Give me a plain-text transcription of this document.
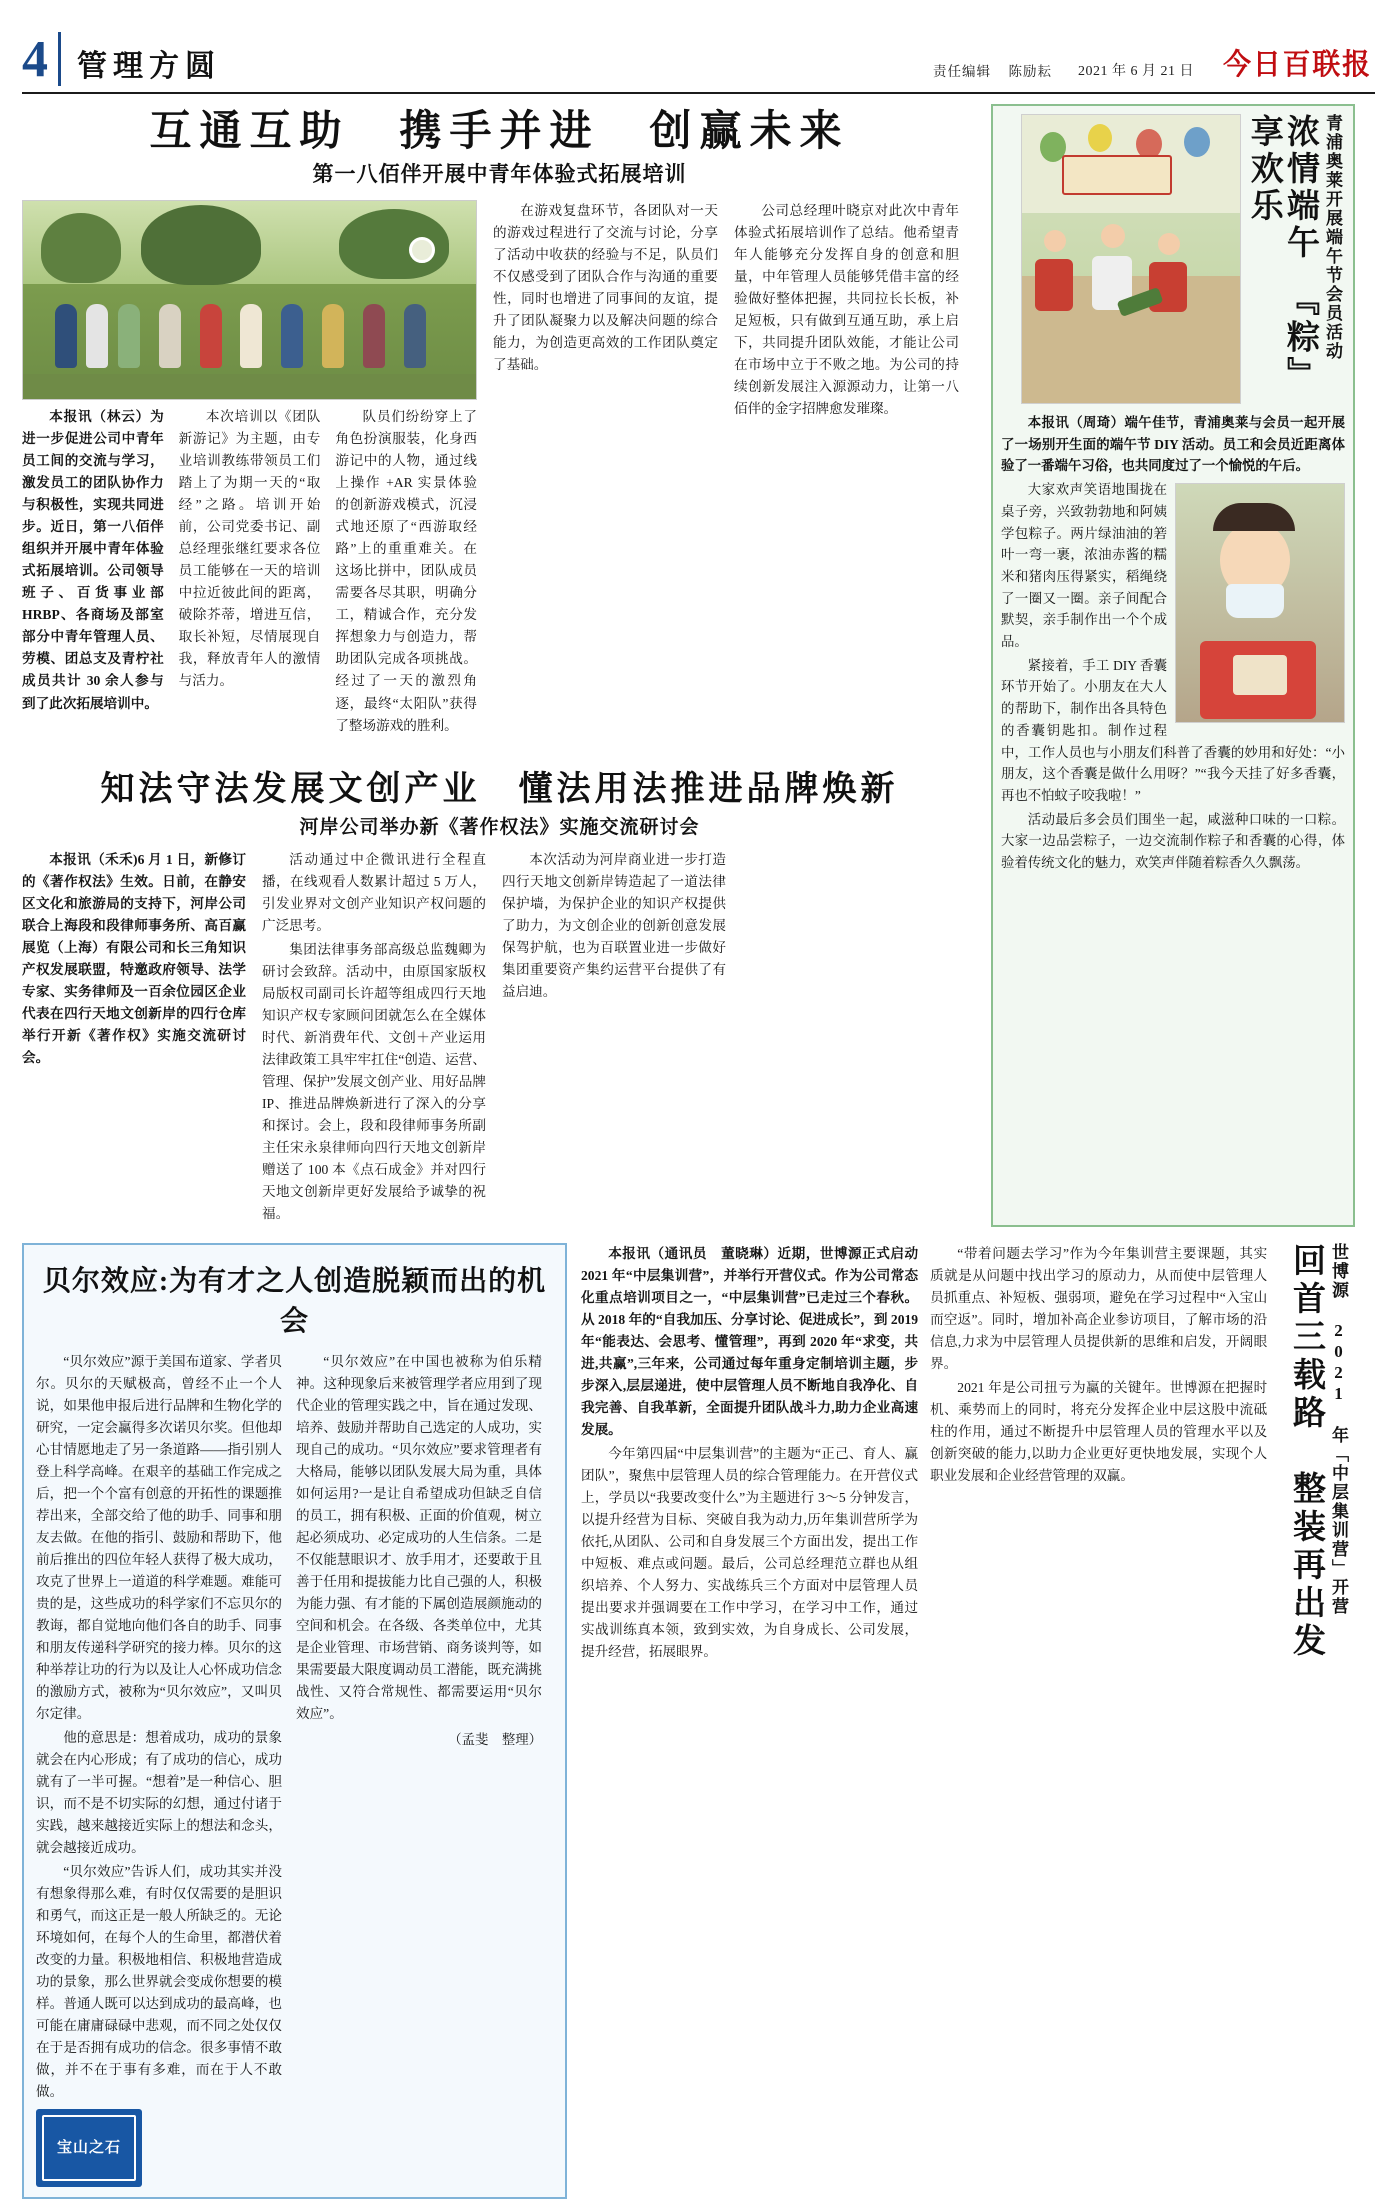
4 管理方圆	责任编辑 陈励耘 2021 年 6 月 21 日 今日百联报
互通互助　携手并进　创赢未来
第一八佰伴开展中青年体验式拓展培训

本报讯（林云）为进一步促进公司中青年员工间的交流与学习，激发员工的团队协作力与积极性，实现共同进步。近日，第一八佰伴组织并开展中青年体验式拓展培训。公司领导班子、百货事业部 HRBP、各商场及部室部分中青年管理人员、劳模、团总支及青柠社成员共计 30 余人参与到了此次拓展培训中。

本次培训以《团队新游记》为主题，由专业培训教练带领员工们踏上了为期一天的“取经”之路。培训开始前，公司党委书记、副总经理张继红要求各位员工能够在一天的培训中拉近彼此间的距离，破除芥蒂，增进互信，取长补短，尽情展现自我，释放青年人的激情与活力。

队员们纷纷穿上了角色扮演服装，化身西游记中的人物，通过线上操作 +AR 实景体验的创新游戏模式，沉浸式地还原了“西游取经路”上的重重难关。在这场比拼中，团队成员需要各尽其职，明确分工，精诚合作，充分发挥想象力与创造力，帮助团队完成各项挑战。经过了一天的激烈角逐，最终“太阳队”获得了整场游戏的胜利。

在游戏复盘环节，各团队对一天的游戏过程进行了交流与讨论，分享了活动中收获的经验与不足，队员们不仅感受到了团队合作与沟通的重要性，同时也增进了同事间的友谊，提升了团队凝聚力以及解决问题的综合能力，为创造更高效的工作团队奠定了基础。

公司总经理叶晓京对此次中青年体验式拓展培训作了总结。他希望青年人能够充分发挥自身的创意和胆量，中年管理人员能够凭借丰富的经验做好整体把握，共同拉长长板，补足短板，只有做到互通互助，承上启下，共同提升团队效能，才能让公司在市场中立于不败之地。为公司的持续创新发展注入源源动力，让第一八佰伴的金字招牌愈发璀璨。

知法守法发展文创产业　懂法用法推进品牌焕新
河岸公司举办新《著作权法》实施交流研讨会

本报讯（禾禾)6 月 1 日，新修订的《著作权法》生效。日前，在静安区文化和旅游局的支持下，河岸公司联合上海段和段律师事务所、高百赢展览（上海）有限公司和长三角知识产权发展联盟，特邀政府领导、法学专家、实务律师及一百余位园区企业代表在四行天地文创新岸的四行仓库举行开新《著作权》实施交流研讨会。

活动通过中企微讯进行全程直播，在线观看人数累计超过 5 万人，引发业界对文创产业知识产权问题的广泛思考。

集团法律事务部高级总监魏卿为研讨会致辞。活动中，由原国家版权局版权司副司长许超等组成四行天地知识产权专家顾问团就怎么在全媒体时代、新消费年代、文创＋产业运用法律政策工具牢牢扛住“创造、运营、管理、保护”发展文创产业、用好品牌 IP、推进品牌焕新进行了深入的分享和探讨。会上，段和段律师事务所副主任宋永泉律师向四行天地文创新岸赠送了 100 本《点石成金》并对四行天地文创新岸更好发展给予诚挚的祝福。

本次活动为河岸商业进一步打造四行天地文创新岸铸造起了一道法律保护墙，为保护企业的知识产权提供了助力，为文创企业的创新创意发展保驾护航，也为百联置业进一步做好集团重要资产集约运营平台提供了有益启迪。

浓情端午　『粽』享欢乐	青浦奥莱开展端午节会员活动

本报讯（周琦）端午佳节，青浦奥莱与会员一起开展了一场别开生面的端午节 DIY 活动。员工和会员近距离体验了一番端午习俗，也共同度过了一个愉悦的午后。

大家欢声笑语地围拢在桌子旁，兴致勃勃地和阿姨学包粽子。两片绿油油的箬叶一弯一裹，浓油赤酱的糯米和猪肉压得紧实，稻绳绕了一圈又一圈。亲子间配合默契，亲手制作出一个个成品。

紧接着，手工 DIY 香囊环节开始了。小朋友在大人的帮助下，制作出各具特色的香囊钥匙扣。制作过程中，工作人员也与小朋友们科普了香囊的妙用和好处：“小朋友，这个香囊是做什么用呀？”“我今天挂了好多香囊，再也不怕蚊子咬我啦！”

活动最后多会员们围坐一起，咸滋种口味的一口粽。大家一边品尝粽子，一边交流制作粽子和香囊的心得，体验着传统文化的魅力，欢笑声伴随着粽香久久飘荡。

贝尔效应:为有才之人创造脱颖而出的机会

“贝尔效应”源于美国布道家、学者贝尔。贝尔的天赋极高，曾经不止一个人说，如果他申报后进行品牌和生物化学的研究，一定会赢得多次诺贝尔奖。但他却心甘情愿地走了另一条道路——指引别人登上科学高峰。在艰辛的基础工作完成之后，把一个个富有创意的开拓性的课题推荐出来，全部交给了他的助手、同事和朋友去做。在他的指引、鼓励和帮助下，他前后推出的四位年轻人获得了极大成功，攻克了世界上一道道的科学难题。难能可贵的是，这些成功的科学家们不忘贝尔的教诲，都自觉地向他们各自的助手、同事和朋友传递科学研究的接力棒。贝尔的这种举荐让功的行为以及让人心怀成功信念的激励方式，被称为“贝尔效应”，又叫贝尔定律。

他的意思是：想着成功，成功的景象就会在内心形成；有了成功的信心，成功就有了一半可握。“想着”是一种信心、胆识，而不是不切实际的幻想，通过付诸于实践，越来越接近实际上的想法和念头，就会越接近成功。

“贝尔效应”告诉人们，成功其实并没有想象得那么难，有时仅仅需要的是胆识和勇气，而这正是一般人所缺乏的。无论环境如何，在每个人的生命里，都潜伏着改变的力量。积极地相信、积极地营造成功的景象，那么世界就会变成你想要的模样。普通人既可以达到成功的最高峰，也可能在庸庸碌碌中悲观，而不同之处仅仅在于是否拥有成功的信念。很多事情不敢做，并不在于事有多难，而在于人不敢做。

宝山之石

“贝尔效应”在中国也被称为伯乐精神。这种现象后来被管理学者应用到了现代企业的管理实践之中，旨在通过发现、培养、鼓励并帮助自己选定的人成功，实现自己的成功。“贝尔效应”要求管理者有大格局，能够以团队发展大局为重，具体如何运用?一是让自希望成功但缺乏自信的员工，拥有积极、正面的价值观，树立起必须成功、必定成功的人生信条。二是不仅能慧眼识才、放手用才，还要敢于且善于任用和提拔能力比自己强的人，积极为能力强、有才能的下属创造展颜施动的空间和机会。在各级、各类单位中，尤其是企业管理、市场营销、商务谈判等，如果需要最大限度调动员工潜能，既充满挑战性、又符合常规性、都需要运用“贝尔效应”。

（孟斐　整理）

本报讯（通讯员　董晓琳）近期，世博源正式启动 2021 年“中层集训营”，并举行开营仪式。作为公司常态化重点培训项目之一，“中层集训营”已走过三个春秋。从 2018 年的“自我加压、分享讨论、促进成长”，到 2019 年“能表达、会思考、懂管理”，再到 2020 年“求变，共进,共赢”,三年来，公司通过每年重身定制培训主题，步步深入,层层递进，使中层管理人员不断地自我净化、自我完善、自我革新，全面提升团队战斗力,助力企业高速发展。

今年第四届“中层集训营”的主题为“正己、育人、赢团队”，聚焦中层管理人员的综合管理能力。在开营仪式上，学员以“我要改变什么”为主题进行 3～5 分钟发言，以提升经营为目标、突破自我为动力,历年集训营所学为依托,从团队、公司和自身发展三个方面出发，提出工作中短板、难点或问题。最后，公司总经理范立群也从组织培养、个人努力、实战练兵三个方面对中层管理人员提出要求并强调要在工作中学习，在学习中工作，通过实战训练真本领，致到实效，为自身成长、公司发展，提升经营，拓展眼界。

“带着问题去学习”作为今年集训营主要课题，其实质就是从问题中找出学习的原动力，从而使中层管理人员抓重点、补短板、强弱项，避免在学习过程中“入宝山而空返”。同时，增加补高企业参访项目，了解市场的沿信息,力求为中层管理人员提供新的思维和启发，开阔眼界。

2021 年是公司扭亏为赢的关键年。世博源在把握时机、乘势而上的同时，将充分发挥企业中层这股中流砥柱的作用，通过不断提升中层管理人员的管理水平以及创新突破的能力,以助力企业更好更快地发展，实现个人职业发展和企业经营管理的双赢。	回首三载路　整装再出发 世博源 2021 年「中层集训营」开营
